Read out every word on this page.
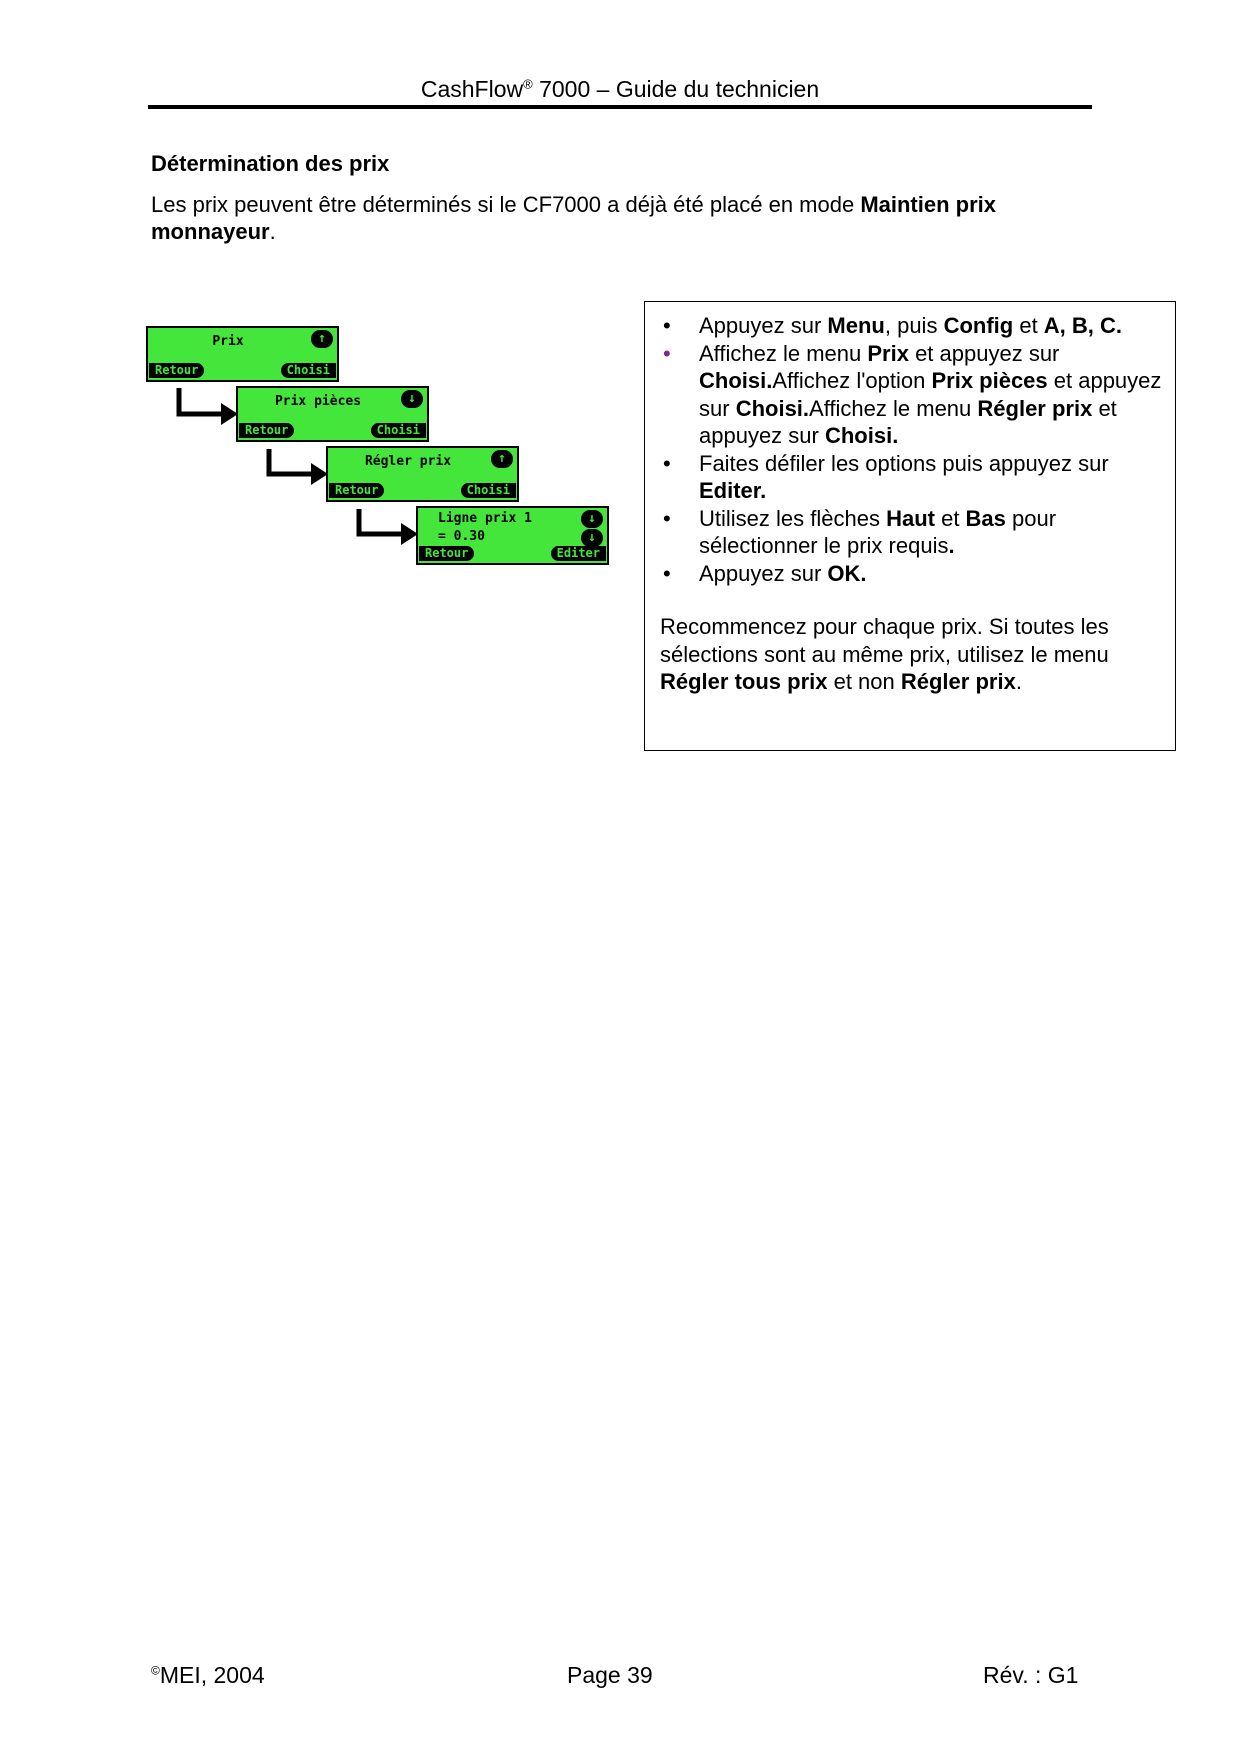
CashFlow® 7000 – Guide du technicien
Détermination des prix
Les prix peuvent être déterminés si le CF7000 a déjà été placé en mode Maintien prix monnayeur.
Prix	↑
Retour	Choisi
Prix pièces	↓
Retour	Choisi
Régler prix	↑
Retour	Choisi
Ligne prix 1
= 0.30
↓
↓
Retour	Editer
•	Appuyez sur Menu, puis Config et A, B, C.
•	Affichez le menu Prix et appuyez sur Choisi.Affichez l'option Prix pièces et appuyez sur Choisi.Affichez le menu Régler prix et appuyez sur Choisi.
•	Faites défiler les options puis appuyez sur Editer.
•	Utilisez les flèches Haut et Bas pour sélectionner le prix requis.
•	Appuyez sur OK.
Recommencez pour chaque prix. Si toutes les sélections sont au même prix, utilisez le menu Régler tous prix et non Régler prix.
©MEI, 2004	Page 39	Rév. : G1
